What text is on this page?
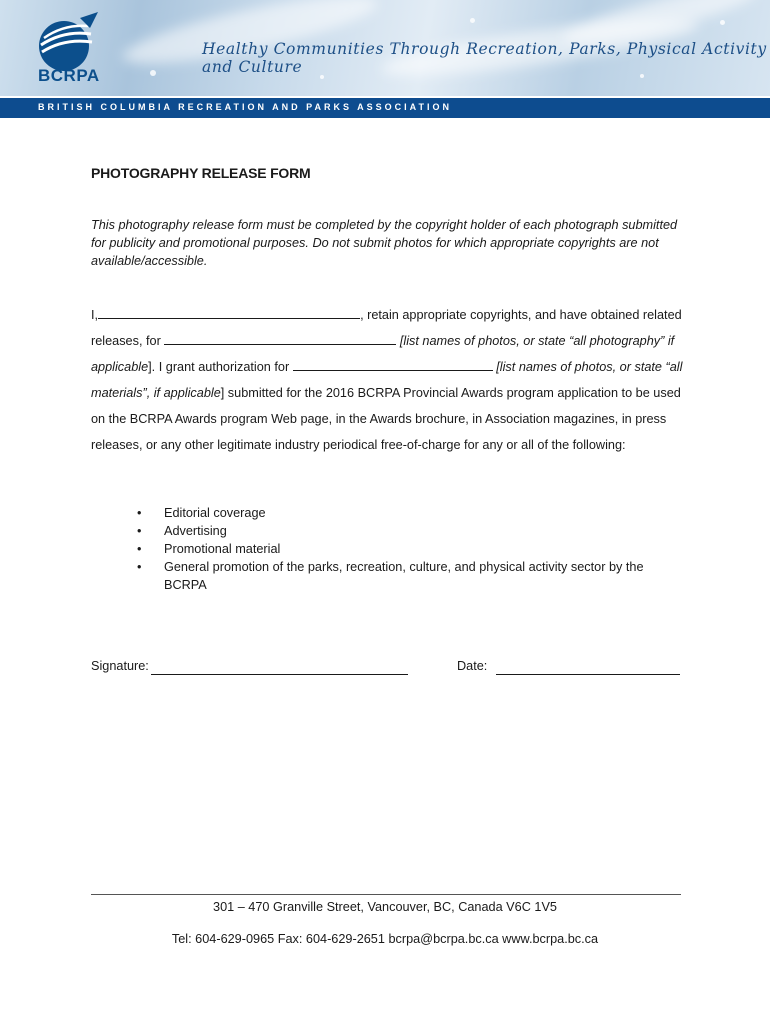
BCRPA
Healthy Communities Through Recreation, Parks, Physical Activity and Culture
BRITISH COLUMBIA RECREATION AND PARKS ASSOCIATION
PHOTOGRAPHY RELEASE FORM
This photography release form must be completed by the copyright holder of each photograph submitted for publicity and promotional purposes. Do not submit photos for which appropriate copyrights are not available/accessible.
I,	, retain appropriate copyrights, and have obtained related releases, for	[list names of photos, or state “all photography” if applicable]. I grant authorization for	[list names of photos, or state “all materials”, if applicable] submitted for the 2016 BCRPA Provincial Awards program application to be used on the BCRPA Awards program Web page, in the Awards brochure, in Association magazines, in press releases, or any other legitimate industry periodical free-of-charge for any or all of the following:
• Editorial coverage
• Advertising
• Promotional material
• General promotion of the parks, recreation, culture, and physical activity sector by the BCRPA
Signature:	Date:
301 – 470 Granville Street, Vancouver, BC, Canada V6C 1V5
Tel: 604-629-0965 Fax: 604-629-2651 bcrpa@bcrpa.bc.ca www.bcrpa.bc.ca
